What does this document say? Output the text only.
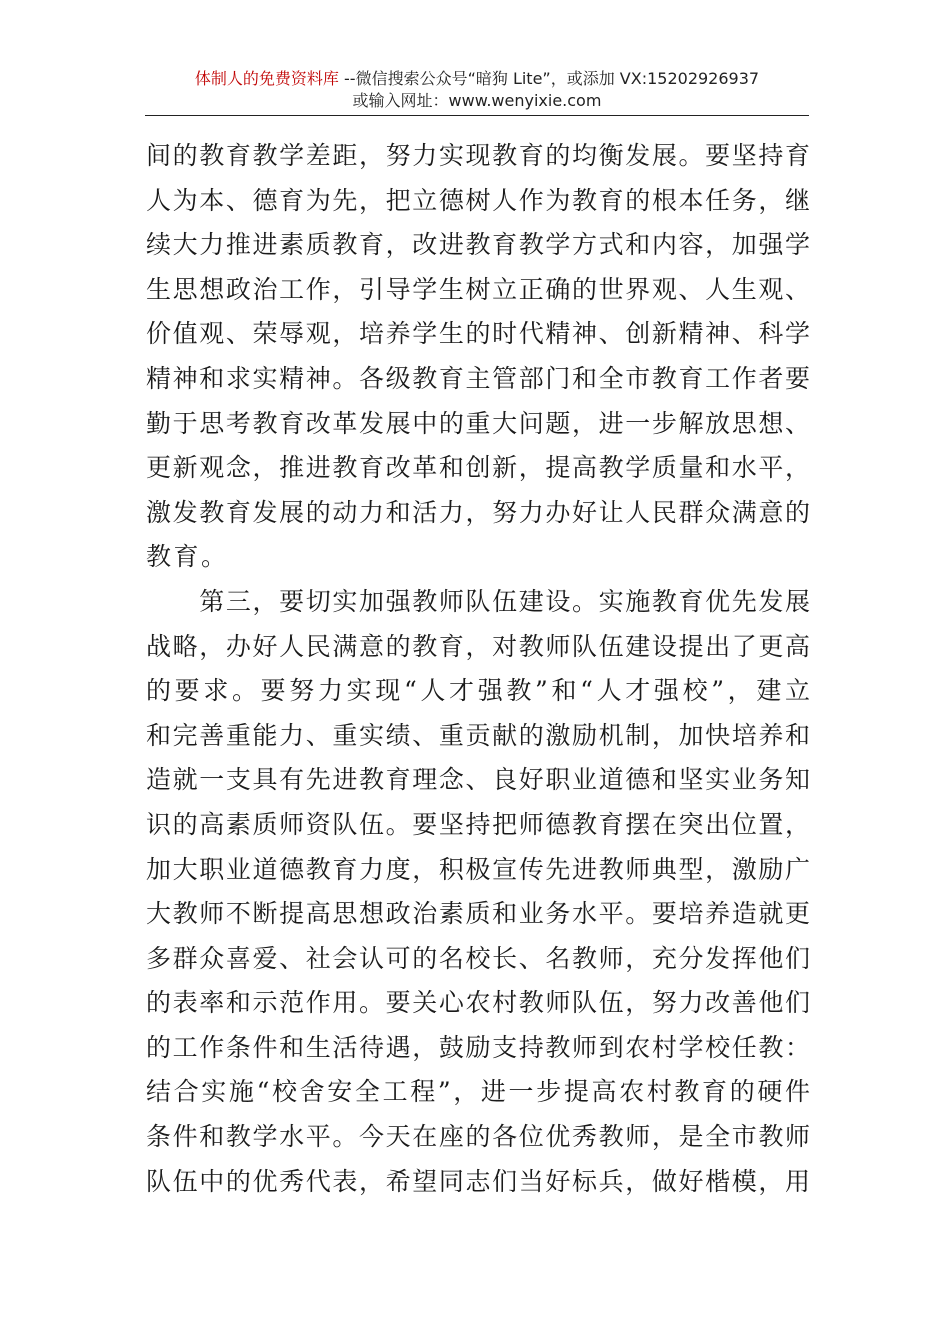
体制人的免费资料库 --微信搜索公众号“暗狗 Lite”，或添加 VX:15202926937
或输入网址：www.wenyixie.com
间的教育教学差距，努力实现教育的均衡发展。要坚持育
人为本、德育为先，把立德树人作为教育的根本任务，继
续大力推进素质教育，改进教育教学方式和内容，加强学
生思想政治工作，引导学生树立正确的世界观、人生观、
价值观、荣辱观，培养学生的时代精神、创新精神、科学
精神和求实精神。各级教育主管部门和全市教育工作者要
勤于思考教育改革发展中的重大问题，进一步解放思想、
更新观念，推进教育改革和创新，提高教学质量和水平，
激发教育发展的动力和活力，努力办好让人民群众满意的
教育。
　　第三，要切实加强教师队伍建设。实施教育优先发展
战略，办好人民满意的教育，对教师队伍建设提出了更高
的要求。要努力实现“人才强教”和“人才强校”，建立
和完善重能力、重实绩、重贡献的激励机制，加快培养和
造就一支具有先进教育理念、良好职业道德和坚实业务知
识的高素质师资队伍。要坚持把师德教育摆在突出位置，
加大职业道德教育力度，积极宣传先进教师典型，激励广
大教师不断提高思想政治素质和业务水平。要培养造就更
多群众喜爱、社会认可的名校长、名教师，充分发挥他们
的表率和示范作用。要关心农村教师队伍，努力改善他们
的工作条件和生活待遇，鼓励支持教师到农村学校任教：
结合实施“校舍安全工程”，进一步提高农村教育的硬件
条件和教学水平。今天在座的各位优秀教师，是全市教师
队伍中的优秀代表，希望同志们当好标兵，做好楷模，用
